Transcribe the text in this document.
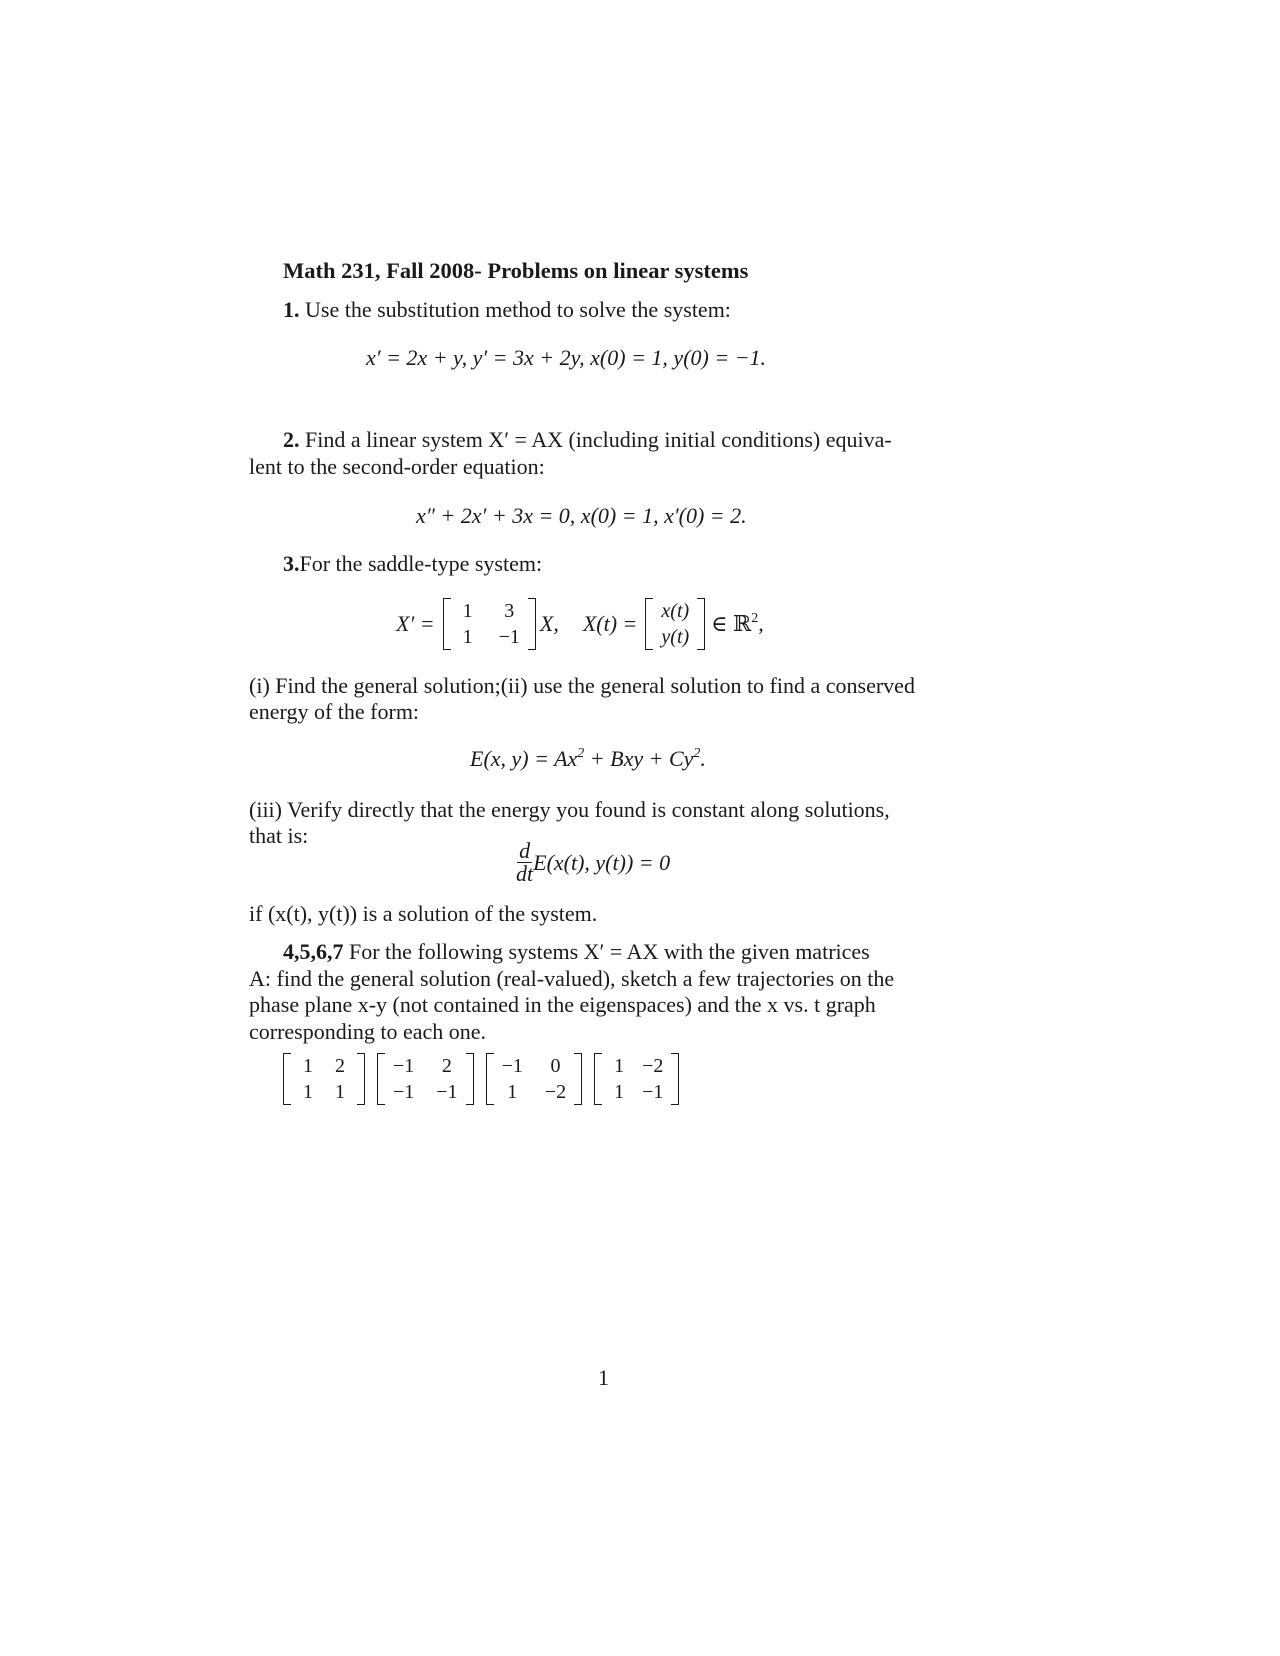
Math 231, Fall 2008- Problems on linear systems
1. Use the substitution method to solve the system:
x′ = 2x + y, y′ = 3x + 2y, x(0) = 1, y(0) = −1.
2. Find a linear system X′ = AX (including initial conditions) equiva-
lent to the second-order equation:
x″ + 2x′ + 3x = 0, x(0) = 1, x′(0) = 2.
3.For the saddle-type system:
X′ = 1 3
1 −1
X, X(t) = x(t)
y(t)
∈ ℝ$^2$,
(i) Find the general solution;(ii) use the general solution to find a conserved
energy of the form:
E(x, $y) = Ax^2$ + Bxy + $Cy^2$.
(iii) Verify directly that the energy you found is constant along solutions,
that is:
$\frac{d}{dt} E(x(t)$, y(t)) = 0
if (x(t), y(t)) is a solution of the system.
4,5,6,7 For the following systems X′ = AX with the given matrices
A: find the general solution (real-valued), sketch a few trajectories on the
phase plane x-y (not contained in the eigenspaces) and the x vs. t graph
corresponding to each one.
1 2
1 1
−1 2
−1 −1
−1 0
1 −2
1 −2
1 −1
1
